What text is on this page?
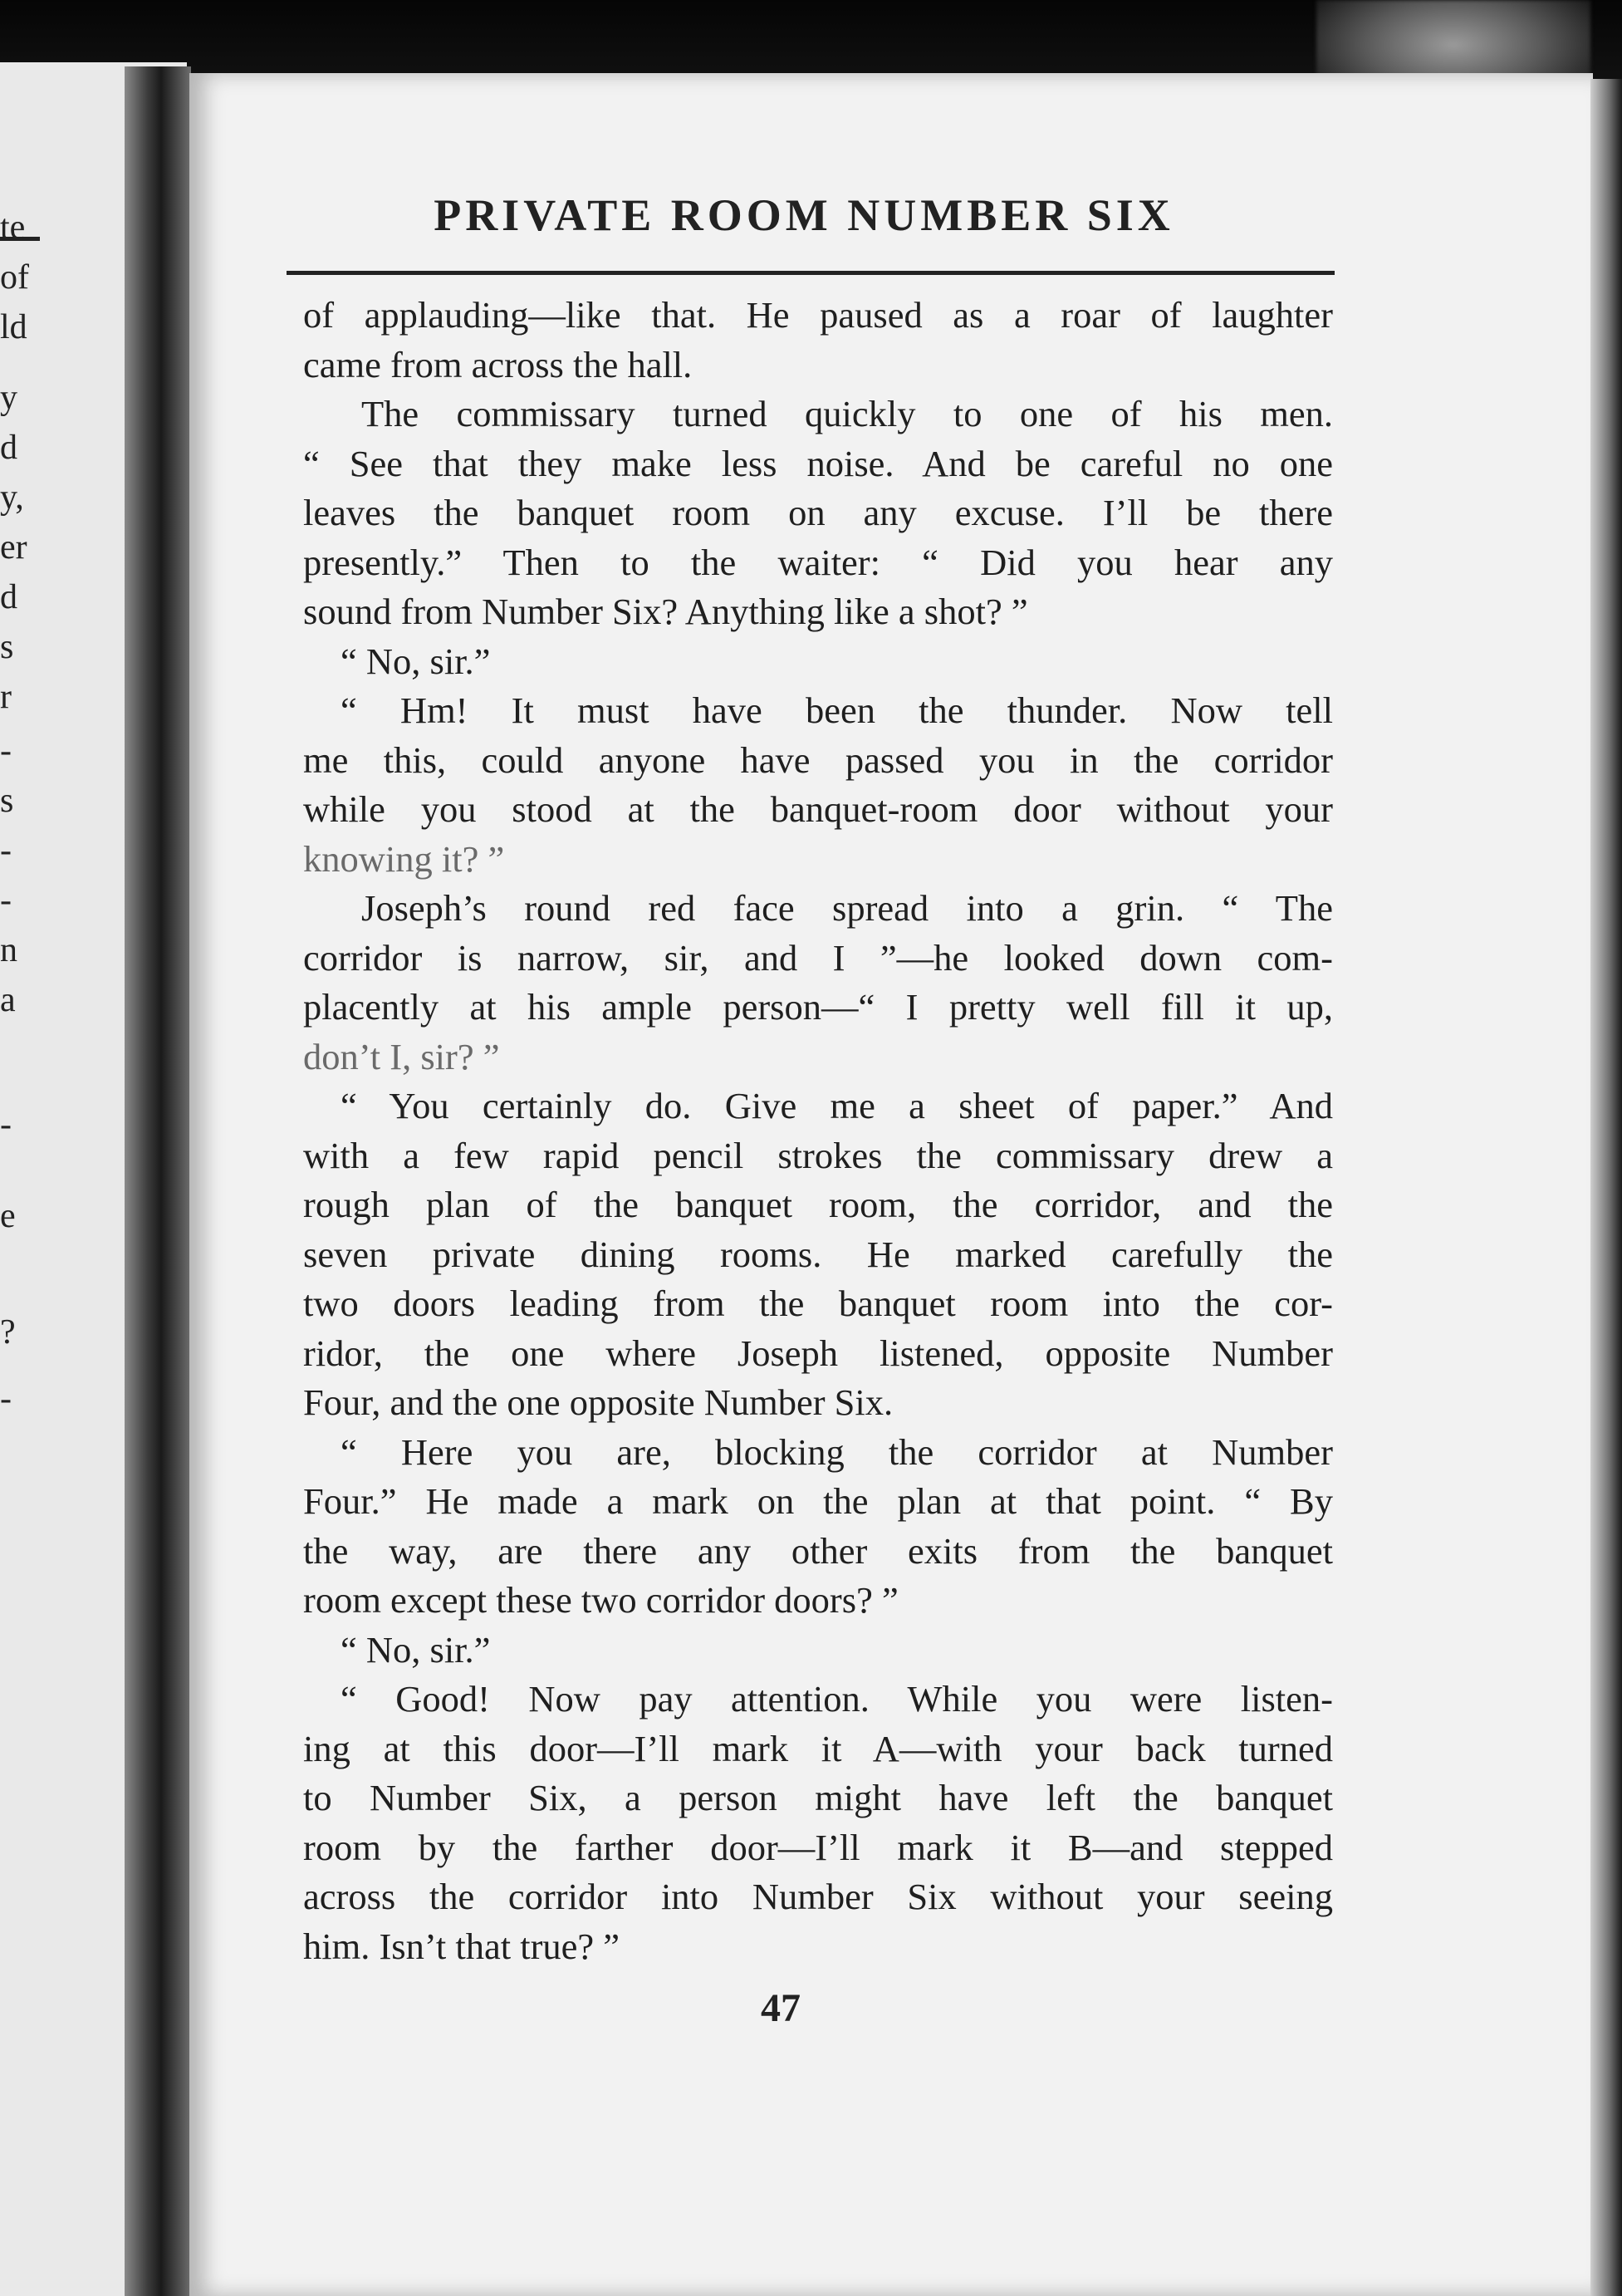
te
of
ld
y
d
y,
er
d
s
r
-
s
-
-
n
a
-
e
?
-
PRIVATE ROOM NUMBER SIX
of applauding—like that. He paused as a roar of laughter
came from across the hall.
The commissary turned quickly to one of his men.
“ See that they make less noise. And be careful no one
leaves the banquet room on any excuse. I’ll be there
presently.” Then to the waiter: “ Did you hear any
sound from Number Six? Anything like a shot? ”
“ No, sir.”
“ Hm! It must have been the thunder. Now tell
me this, could anyone have passed you in the corridor
while you stood at the banquet-room door without your
knowing it? ”
Joseph’s round red face spread into a grin. “ The
corridor is narrow, sir, and I ”—he looked down com-
placently at his ample person—“ I pretty well fill it up,
don’t I, sir? ”
“ You certainly do. Give me a sheet of paper.” And
with a few rapid pencil strokes the commissary drew a
rough plan of the banquet room, the corridor, and the
seven private dining rooms. He marked carefully the
two doors leading from the banquet room into the cor-
ridor, the one where Joseph listened, opposite Number
Four, and the one opposite Number Six.
“ Here you are, blocking the corridor at Number
Four.” He made a mark on the plan at that point. “ By
the way, are there any other exits from the banquet
room except these two corridor doors? ”
“ No, sir.”
“ Good! Now pay attention. While you were listen-
ing at this door—I’ll mark it A—with your back turned
to Number Six, a person might have left the banquet
room by the farther door—I’ll mark it B—and stepped
across the corridor into Number Six without your seeing
him. Isn’t that true? ”
47
